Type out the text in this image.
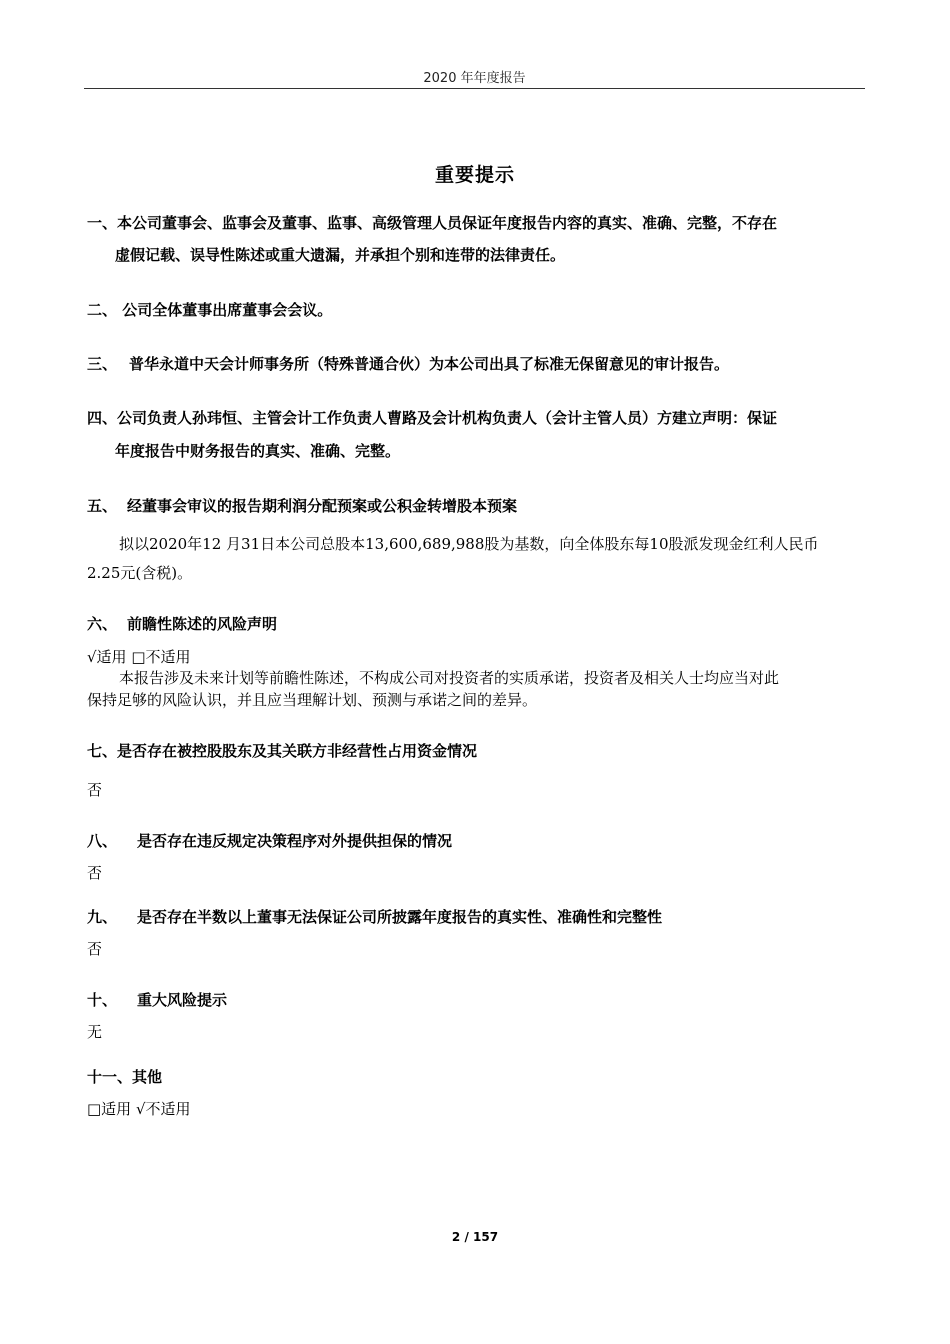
2020 年年度报告
重要提示
一、本公司董事会、监事会及董事、监事、高级管理人员保证年度报告内容的真实、准确、完整，不存在
虚假记载、误导性陈述或重大遗漏，并承担个别和连带的法律责任。
二、 公司全体董事出席董事会会议。
三、 普华永道中天会计师事务所（特殊普通合伙）为本公司出具了标准无保留意见的审计报告。
四、公司负责人孙玮恒、主管会计工作负责人曹路及会计机构负责人（会计主管人员）方建立声明：保证
年度报告中财务报告的真实、准确、完整。
五、 经董事会审议的报告期利润分配预案或公积金转增股本预案
拟以2020年12 月31日本公司总股本13,600,689,988股为基数，向全体股东每10股派发现金红利人民币
2.25元(含税)。
六、 前瞻性陈述的风险声明
√适用 □不适用
本报告涉及未来计划等前瞻性陈述，不构成公司对投资者的实质承诺，投资者及相关人士均应当对此
保持足够的风险认识，并且应当理解计划、预测与承诺之间的差异。
七、是否存在被控股股东及其关联方非经营性占用资金情况
否
八、 是否存在违反规定决策程序对外提供担保的情况
否
九、 是否存在半数以上董事无法保证公司所披露年度报告的真实性、准确性和完整性
否
十、 重大风险提示
无
十一、其他
□适用 √不适用
2 / 157
